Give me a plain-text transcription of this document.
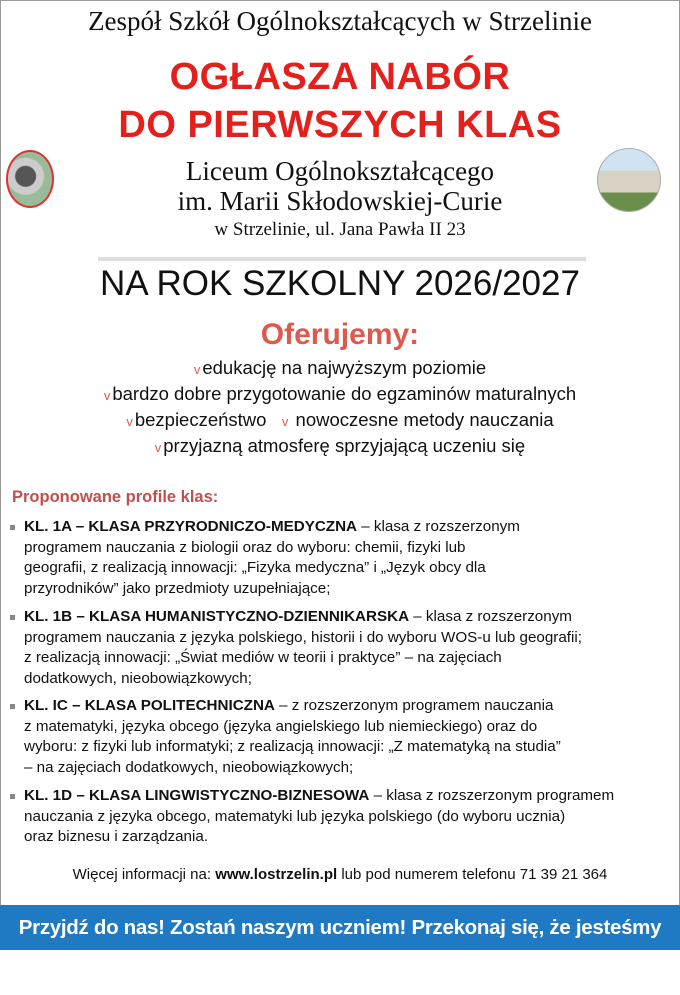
Zespół Szkół Ogólnokształcących w Strzelinie
OGŁASZA NABÓR
DO PIERWSZYCH KLAS
Liceum Ogólnokształcącego
im. Marii Skłodowskiej-Curie
w Strzelinie, ul. Jana Pawła II 23
NA ROK SZKOLNY 2026/2027
Oferujemy:
v edukację na najwyższym poziomie
v bardzo dobre przygotowanie do egzaminów maturalnych
v bezpieczeństwo v nowoczesne metody nauczania
v przyjazną atmosferę sprzyjającą uczeniu się
Proponowane profile klas:
KL. 1A – KLASA PRZYRODNICZO-MEDYCZNA – klasa z rozszerzonym
programem nauczania z biologii oraz do wyboru: chemii, fizyki lub
geografii, z realizacją innowacji: „Fizyka medyczna” i „Język obcy dla
przyrodników” jako przedmioty uzupełniające;
KL. 1B – KLASA HUMANISTYCZNO-DZIENNIKARSKA – klasa z rozszerzonym
programem nauczania z języka polskiego, historii i do wyboru WOS-u lub geografii;
z realizacją innowacji: „Świat mediów w teorii i praktyce” – na zajęciach
dodatkowych, nieobowiązkowych;
KL. IC – KLASA POLITECHNICZNA – z rozszerzonym programem nauczania
z matematyki, języka obcego (języka angielskiego lub niemieckiego) oraz do
wyboru: z fizyki lub informatyki; z realizacją innowacji: „Z matematyką na studia”
– na zajęciach dodatkowych, nieobowiązkowych;
KL. 1D – KLASA LINGWISTYCZNO-BIZNESOWA – klasa z rozszerzonym programem
nauczania z języka obcego, matematyki lub języka polskiego (do wyboru ucznia)
oraz biznesu i zarządzania.
Więcej informacji na: www.lostrzelin.pl lub pod numerem telefonu 71 39 21 364
Przyjdź do nas! Zostań naszym uczniem! Przekonaj się, że jesteśmy najlepsi!
